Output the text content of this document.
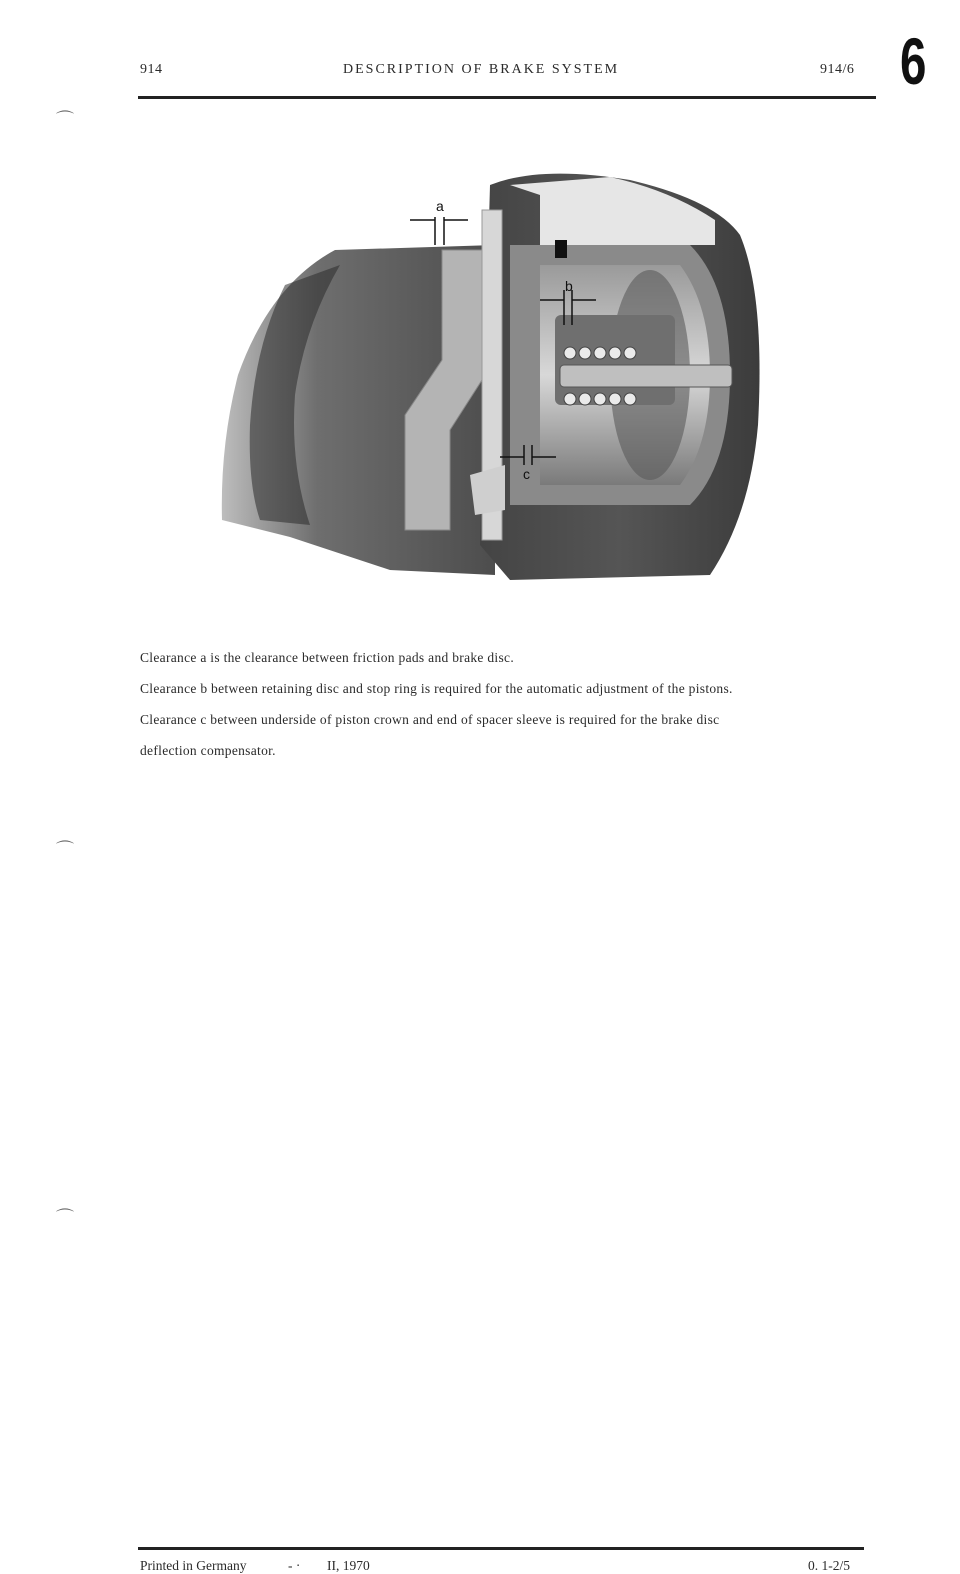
914	DESCRIPTION OF BRAKE SYSTEM	914/6 6
⌒
⌒
⌒
a
b
c
Clearance a is the clearance between friction pads and brake disc.
Clearance b between retaining disc and stop ring is required for the automatic adjustment of the pistons.
Clearance c between underside of piston crown and end of spacer sleeve is required for the brake disc
deflection compensator.
Printed in Germany	- · II, 1970	0. 1-2/5
